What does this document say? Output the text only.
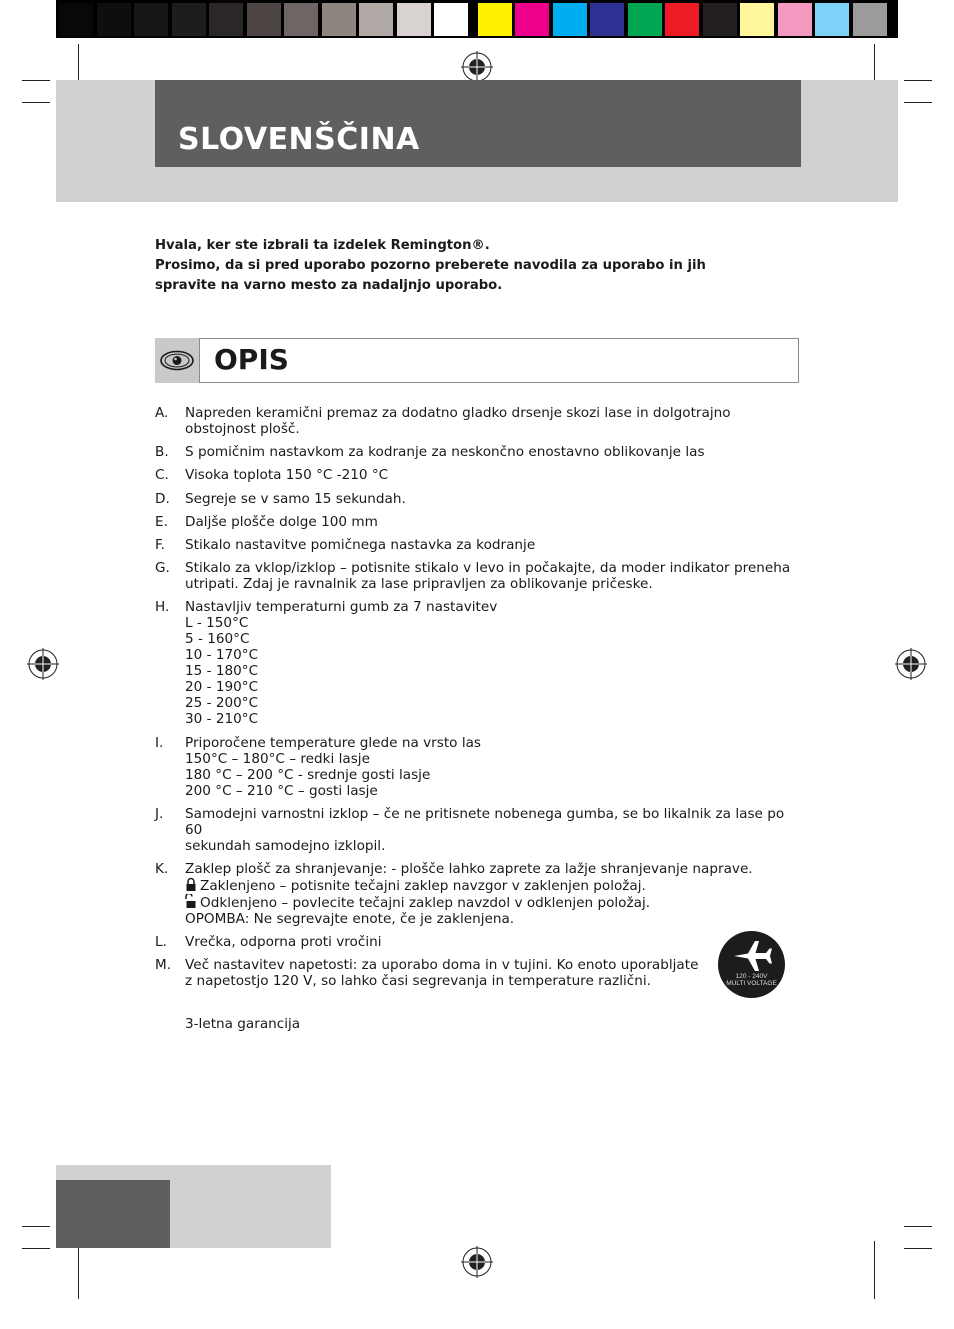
SLOVENŠČINA
Hvala, ker ste izbrali ta izdelek Remington®.
Prosimo, da si pred uporabo pozorno preberete navodila za uporabo in jih
spravite na varno mesto za nadaljnjo uporabo.
OPIS
A. Napreden keramični premaz za dodatno gladko drsenje skozi lase in dolgotrajno
obstojnost plošč.
B. S pomičnim nastavkom za kodranje za neskončno enostavno oblikovanje las
C. Visoka toplota 150 °C -210 °C
D. Segreje se v samo 15 sekundah.
E. Daljše plošče dolge 100 mm
F. Stikalo nastavitve pomičnega nastavka za kodranje
G. Stikalo za vklop/izklop – potisnite stikalo v levo in počakajte, da moder indikator preneha
utripati. Zdaj je ravnalnik za lase pripravljen za oblikovanje pričeske.
H. Nastavljiv temperaturni gumb za 7 nastavitev
L - 150°C
5 - 160°C
10 - 170°C
15 - 180°C
20 - 190°C
25 - 200°C
30 - 210°C
I. Priporočene temperature glede na vrsto las
150°C – 180°C – redki lasje
180 °C – 200 °C - srednje gosti lasje
200 °C – 210 °C – gosti lasje
J. Samodejni varnostni izklop – če ne pritisnete nobenega gumba, se bo likalnik za lase po 60
sekundah samodejno izklopil.
K. Zaklep plošč za shranjevanje: - plošče lahko zaprete za lažje shranjevanje naprave.
Zaklenjeno – potisnite tečajni zaklep navzgor v zaklenjen položaj.
Odklenjeno – povlecite tečajni zaklep navzdol v odklenjen položaj.
OPOMBA: Ne segrevajte enote, če je zaklenjena.
L. Vrečka, odporna proti vročini
M. Več nastavitev napetosti: za uporabo doma in v tujini. Ko enoto uporabljate
z napetostjo 120 V, so lahko časi segrevanja in temperature različni.	120 - 240V
MULTI VOLTAGE
3-letna garancija
